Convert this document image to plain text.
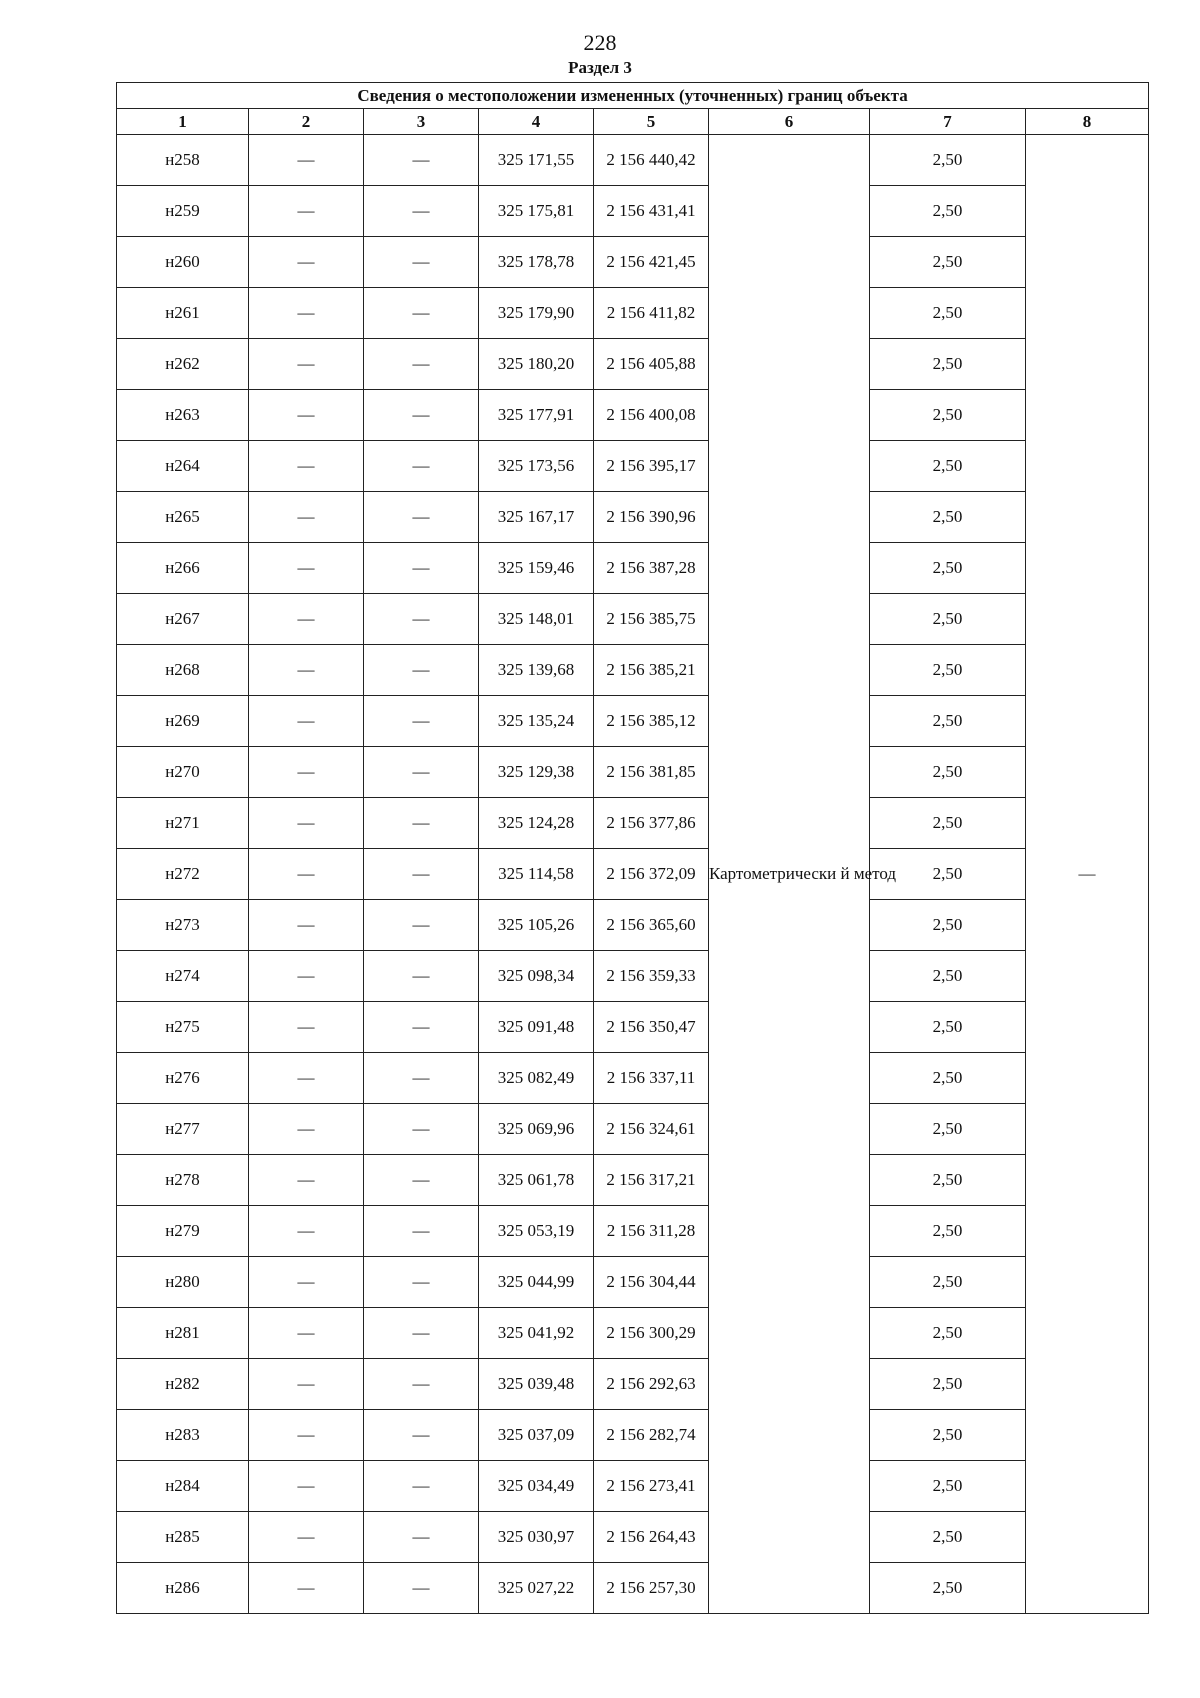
228
Раздел 3
Сведения о местоположении измененных (уточненных) границ объекта							
1	2	3	4	5	6	7	8
н258	—	—	325 171,55	2 156 440,42	Картометрически й метод	2,50	—
н259	—	—	325 175,81	2 156 431,41		2,50	
н260	—	—	325 178,78	2 156 421,45		2,50	
н261	—	—	325 179,90	2 156 411,82		2,50	
н262	—	—	325 180,20	2 156 405,88		2,50	
н263	—	—	325 177,91	2 156 400,08		2,50	
н264	—	—	325 173,56	2 156 395,17		2,50	
н265	—	—	325 167,17	2 156 390,96		2,50	
н266	—	—	325 159,46	2 156 387,28		2,50	
н267	—	—	325 148,01	2 156 385,75		2,50	
н268	—	—	325 139,68	2 156 385,21		2,50	
н269	—	—	325 135,24	2 156 385,12		2,50	
н270	—	—	325 129,38	2 156 381,85		2,50	
н271	—	—	325 124,28	2 156 377,86		2,50	
н272	—	—	325 114,58	2 156 372,09		2,50	
н273	—	—	325 105,26	2 156 365,60		2,50	
н274	—	—	325 098,34	2 156 359,33		2,50	
н275	—	—	325 091,48	2 156 350,47		2,50	
н276	—	—	325 082,49	2 156 337,11		2,50	
н277	—	—	325 069,96	2 156 324,61		2,50	
н278	—	—	325 061,78	2 156 317,21		2,50	
н279	—	—	325 053,19	2 156 311,28		2,50	
н280	—	—	325 044,99	2 156 304,44		2,50	
н281	—	—	325 041,92	2 156 300,29		2,50	
н282	—	—	325 039,48	2 156 292,63		2,50	
н283	—	—	325 037,09	2 156 282,74		2,50	
н284	—	—	325 034,49	2 156 273,41		2,50	
н285	—	—	325 030,97	2 156 264,43		2,50	
н286	—	—	325 027,22	2 156 257,30		2,50	
